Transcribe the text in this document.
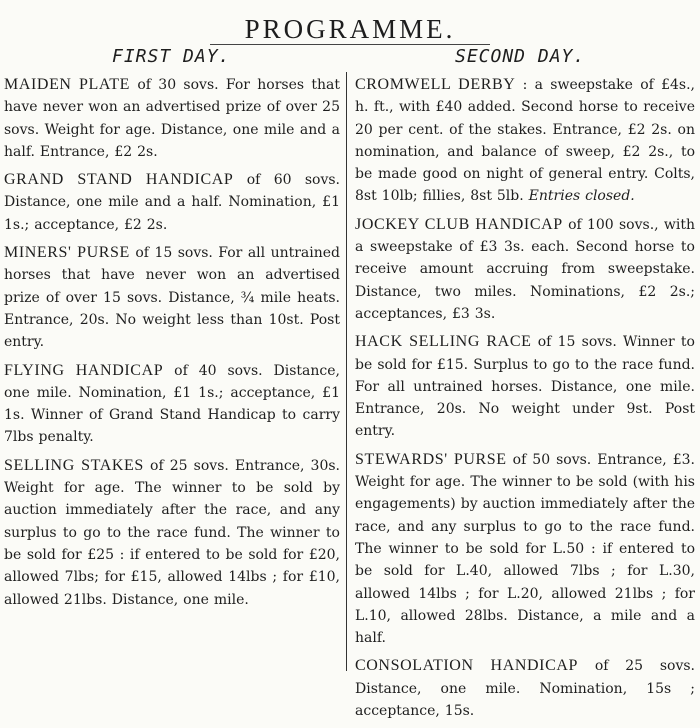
PROGRAMME.
FIRST DAY.	SECOND DAY.

MAIDEN PLATE of 30 sovs. For horses that have never won an advertised prize of over 25 sovs. Weight for age. Distance, one mile and a half. Entrance, £2 2s.

GRAND STAND HANDICAP of 60 sovs. Distance, one mile and a half. Nomination, £1 1s.; acceptance, £2 2s.

MINERS' PURSE of 15 sovs. For all untrained horses that have never won an advertised prize of over 15 sovs. Distance, ¾ mile heats. Entrance, 20s. No weight less than 10st. Post entry.

FLYING HANDICAP of 40 sovs. Distance, one mile. Nomination, £1 1s.; acceptance, £1 1s. Winner of Grand Stand Handicap to carry 7lbs penalty.

SELLING STAKES of 25 sovs. Entrance, 30s. Weight for age. The winner to be sold by auction immediately after the race, and any surplus to go to the race fund. The winner to be sold for £25 : if entered to be sold for £20, allowed 7lbs; for £15, allowed 14lbs ; for £10, allowed 21lbs. Distance, one mile.

CROMWELL DERBY : a sweepstake of £4s., h. ft., with £40 added. Second horse to receive 20 per cent. of the stakes. Entrance, £2 2s. on nomination, and balance of sweep, £2 2s., to be made good on night of general entry. Colts, 8st 10lb; fillies, 8st 5lb. Entries closed.

JOCKEY CLUB HANDICAP of 100 sovs., with a sweepstake of £3 3s. each. Second horse to receive amount accruing from sweepstake. Distance, two miles. Nominations, £2 2s.; acceptances, £3 3s.

HACK SELLING RACE of 15 sovs. Winner to be sold for £15. Surplus to go to the race fund. For all untrained horses. Distance, one mile. Entrance, 20s. No weight under 9st. Post entry.

STEWARDS' PURSE of 50 sovs. Entrance, £3. Weight for age. The winner to be sold (with his engagements) by auction immediately after the race, and any surplus to go to the race fund. The winner to be sold for L.50 : if entered to be sold for L.40, allowed 7lbs ; for L.30, allowed 14lbs ; for L.20, allowed 21lbs ; for L.10, allowed 28lbs. Distance, a mile and a half.

CONSOLATION HANDICAP of 25 sovs. Distance, one mile. Nomination, 15s ; acceptance, 15s.
